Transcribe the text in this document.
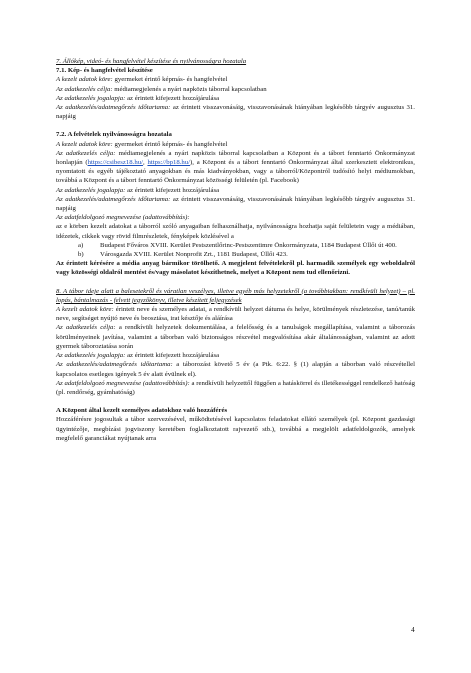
7. Állókép, videó- és hangfelvétel készítése és nyilvánosságra hozatala

7.1. Kép- és hangfelvétel készítése

A kezelt adatok köre: gyermeket érintő képmás- és hangfelvétel

Az adatkezelés célja: médiamegjelenés a nyári napközis táborral kapcsolatban

Az adatkezelés jogalapja: az érintett kifejezett hozzájárulása

Az adatkezelés/adatmegőrzés időtartama: az érintett visszavonásáig, visszavonásának hiányában legkésőbb tárgyév augusztus 31. napjáig

7.2. A felvételek nyilvánosságra hozatala

A kezelt adatok köre: gyermeket érintő képmás- és hangfelvétel

Az adatkezelés célja: médiamegjelenés a nyári napközis táborral kapcsolatban a Központ és a tábort fenntartó Önkormányzat honlapján (https://csibesz18.hu/, https://bp18.hu/), a Központ és a tábort fenntartó Önkormányzat által szerkesztett elektronikus, nyomtatott és egyéb tájékoztató anyagokban és más kiadványokban, vagy a táborról/Központról tudósító helyi médiumokban, továbbá a Központ és a tábort fenntartó Önkormányzat közösségi felületén (pl. Facebook)

Az adatkezelés jogalapja: az érintett kifejezett hozzájárulása

Az adatkezelés/adatmegőrzés időtartama: az érintett visszavonásáig, visszavonásának hiányában legkésőbb tárgyév augusztus 31. napjáig

Az adatfeldolgozó megnevezése (adattovábbítás):

az e körben kezelt adatokat a táborról szóló anyagaiban felhasználhatja, nyilvánosságra hozhatja saját felületein vagy a médiában, idézetek, cikkek vagy rövid filmrészletek, fényképek közlésével a

a)	Budapest Főváros XVIII. Kerület Pestszentlőrinc-Pestszentimre Önkormányzata, 1184 Budapest Üllői út 400.
b)	Városgazda XVIII. Kerület Nonprofit Zrt., 1181 Budapest, Üllői 423.

Az érintett kérésére a média anyag bármikor törölhető. A megjelent felvételekről pl. harmadik személyek egy weboldalról vagy közösségi oldalról mentést és/vagy másolatot készíthetnek, melyet a Központ nem tud ellenőrizni.

8. A tábor ideje alatt a balesetekről és váratlan veszélyes, illetve egyéb más helyzetekről (a továbbiakban: rendkívüli helyzet) – pl. lopás, bántalmazás - felvett jegyzőkönyv, illetve készített feljegyzések

A kezelt adatok köre: érintett neve és személyes adatai, a rendkívüli helyzet dátuma és helye, körülmények részletezése, tanú/tanúk neve, segítséget nyújtó neve és beosztása, irat késztője és aláírása

Az adatkezelés célja: a rendkívüli helyzetek dokumentálása, a felelősség és a tanulságok megállapítása, valamint a táborozás körülményeinek javítása, valamint a táborban való biztonságos részvétel megvalósítása akár általánosságban, valamint az adott gyermek táboroztatása során

Az adatkezelés jogalapja: az érintett kifejezett hozzájárulása

Az adatkezelés/adatmegőrzés időtartama: a táborozást követő 5 év (a Ptk. 6:22. § (1) alapján a táborban való részvétellel kapcsolatos esetleges igények 5 év alatt évülnek el).

Az adatfeldolgozó megnevezése (adattovábbítás): a rendkívüli helyzettől függően a hatáskörrel és illetékességgel rendelkező hatóság (pl. rendőrség, gyámhatóság)

A Központ által kezelt személyes adatokhoz való hozzáférés

Hozzáférésre jogosultak a tábor szervezésével, működtetésével kapcsolatos feladatokat ellátó személyek (pl. Központ gazdasági ügyintézője, megbízási jogviszony keretében foglalkoztatott rajvezető stb.), továbbá a megjelölt adatfeldolgozók, amelyek megfelelő garanciákat nyújtanak arra

4
